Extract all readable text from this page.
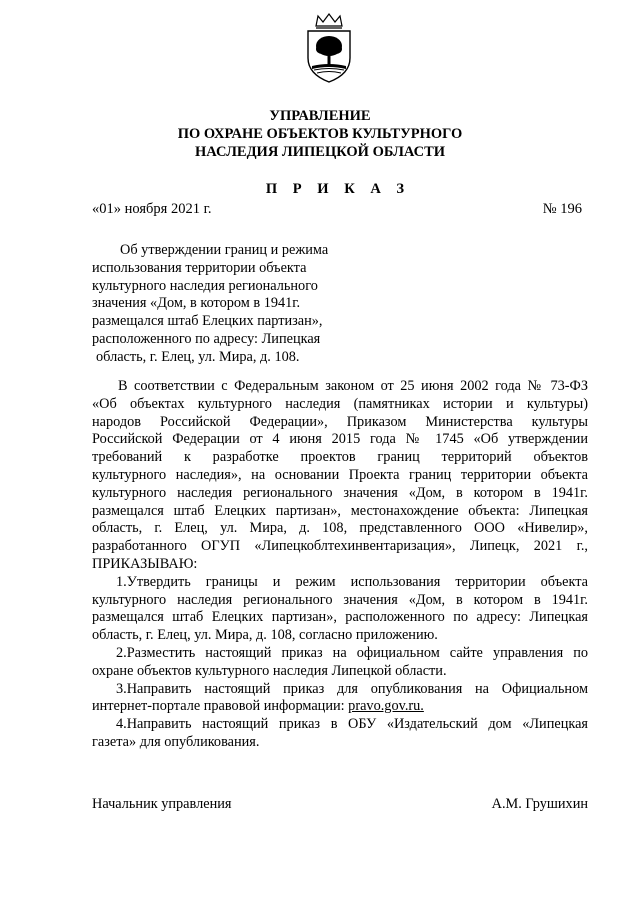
УПРАВЛЕНИЕ
ПО ОХРАНЕ ОБЪЕКТОВ КУЛЬТУРНОГО
НАСЛЕДИЯ ЛИПЕЦКОЙ ОБЛАСТИ
П Р И К А З
«01» ноября 2021 г.	№ 196
Об утверждении границ и режима
использования территории объекта
культурного наследия регионального
значения «Дом, в котором в 1941г.
размещался штаб Елецких партизан»,
расположенного по адресу: Липецкая
область, г. Елец, ул. Мира, д. 108.
В соответствии с Федеральным законом от 25 июня 2002 года № 73-ФЗ
«Об объектах культурного наследия (памятниках истории и культуры)
народов Российской Федерации», Приказом Министерства культуры
Российской Федерации от 4 июня 2015 года № 1745 «Об утверждении
требований к разработке проектов границ территорий объектов
культурного наследия», на основании Проекта границ территории объекта
культурного наследия регионального значения «Дом, в котором в 1941г.
размещался штаб Елецких партизан», местонахождение объекта: Липецкая
область, г. Елец, ул. Мира, д. 108, представленного ООО «Нивелир»,
разработанного ОГУП «Липецкоблтехинвентаризация», Липецк, 2021 г.,
ПРИКАЗЫВАЮ:
1.Утвердить границы и режим использования территории объекта
культурного наследия регионального значения «Дом, в котором в 1941г.
размещался штаб Елецких партизан», расположенного по адресу: Липецкая
область, г. Елец, ул. Мира, д. 108, согласно приложению.
2.Разместить настоящий приказ на официальном сайте управления по
охране объектов культурного наследия Липецкой области.
3.Направить настоящий приказ для опубликования на Официальном
интернет-портале правовой информации: pravo.gov.ru.
4.Направить настоящий приказ в ОБУ «Издательский дом «Липецкая
газета» для опубликования.
Начальник управления	А.М. Грушихин
